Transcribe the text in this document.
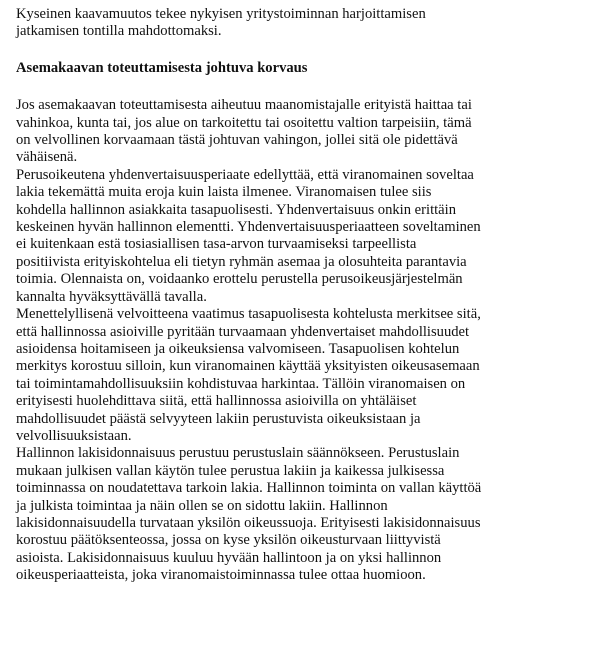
Kyseinen kaavamuutos tekee nykyisen yritystoiminnan harjoittamisen
jatkamisen tontilla mahdottomaksi.
Asemakaavan toteuttamisesta johtuva korvaus
Jos asemakaavan toteuttamisesta aiheutuu maanomistajalle erityistä haittaa tai
vahinkoa, kunta tai, jos alue on tarkoitettu tai osoitettu valtion tarpeisiin, tämä
on velvollinen korvaamaan tästä johtuvan vahingon, jollei sitä ole pidettävä
vähäisenä.
Perusoikeutena yhdenvertaisuusperiaate edellyttää, että viranomainen soveltaa
lakia tekemättä muita eroja kuin laista ilmenee. Viranomaisen tulee siis
kohdella hallinnon asiakkaita tasapuolisesti. Yhdenvertaisuus onkin erittäin
keskeinen hyvän hallinnon elementti. Yhdenvertaisuusperiaatteen soveltaminen
ei kuitenkaan estä tosiasiallisen tasa-arvon turvaamiseksi tarpeellista
positiivista erityiskohtelua eli tietyn ryhmän asemaa ja olosuhteita parantavia
toimia. Olennaista on, voidaanko erottelu perustella perusoikeusjärjestelmän
kannalta hyväksyttävällä tavalla.
Menettelyllisenä velvoitteena vaatimus tasapuolisesta kohtelusta merkitsee sitä,
että hallinnossa asioiville pyritään turvaamaan yhdenvertaiset mahdollisuudet
asioidensa hoitamiseen ja oikeuksiensa valvomiseen. Tasapuolisen kohtelun
merkitys korostuu silloin, kun viranomainen käyttää yksityisten oikeusasemaan
tai toimintamahdollisuuksiin kohdistuvaa harkintaa. Tällöin viranomaisen on
erityisesti huolehdittava siitä, että hallinnossa asioivilla on yhtäläiset
mahdollisuudet päästä selvyyteen lakiin perustuvista oikeuksistaan ja
velvollisuuksistaan.
Hallinnon lakisidonnaisuus perustuu perustuslain säännökseen. Perustuslain
mukaan julkisen vallan käytön tulee perustua lakiin ja kaikessa julkisessa
toiminnassa on noudatettava tarkoin lakia. Hallinnon toiminta on vallan käyttöä
ja julkista toimintaa ja näin ollen se on sidottu lakiin. Hallinnon
lakisidonnaisuudella turvataan yksilön oikeussuoja. Erityisesti lakisidonnaisuus
korostuu päätöksenteossa, jossa on kyse yksilön oikeusturvaan liittyvistä
asioista. Lakisidonnaisuus kuuluu hyvään hallintoon ja on yksi hallinnon
oikeusperiaatteista, joka viranomaistoiminnassa tulee ottaa huomioon.
